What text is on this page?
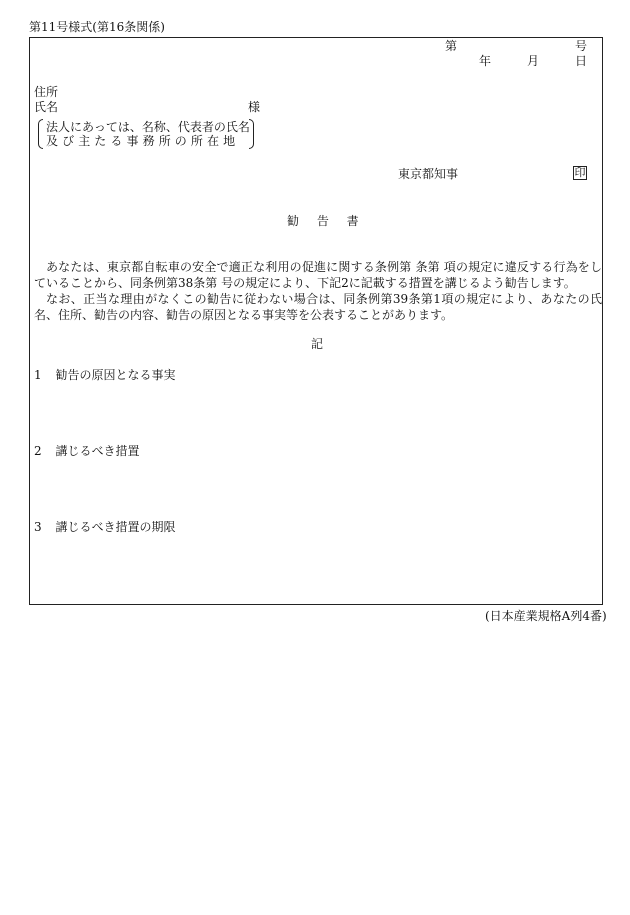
第11号様式(第16条関係)
第	号
年	月	日
住所
氏名	様
法人にあっては、名称、代表者の氏名
及び主たる事務所の所在地
東京都知事	印
勧 告 書
あなたは、東京都自転車の安全で適正な利用の促進に関する条例第 条第 項の規定に違反する行為をしていることから、同条例第38条第 号の規定により、下記2に記載する措置を講じるよう勧告します。
なお、正当な理由がなくこの勧告に従わない場合は、同条例第39条第1項の規定により、あなたの氏名、住所、勧告の内容、勧告の原因となる事実等を公表することがあります。
記
1 勧告の原因となる事実
2 講じるべき措置
3 講じるべき措置の期限
(日本産業規格A列4番)
